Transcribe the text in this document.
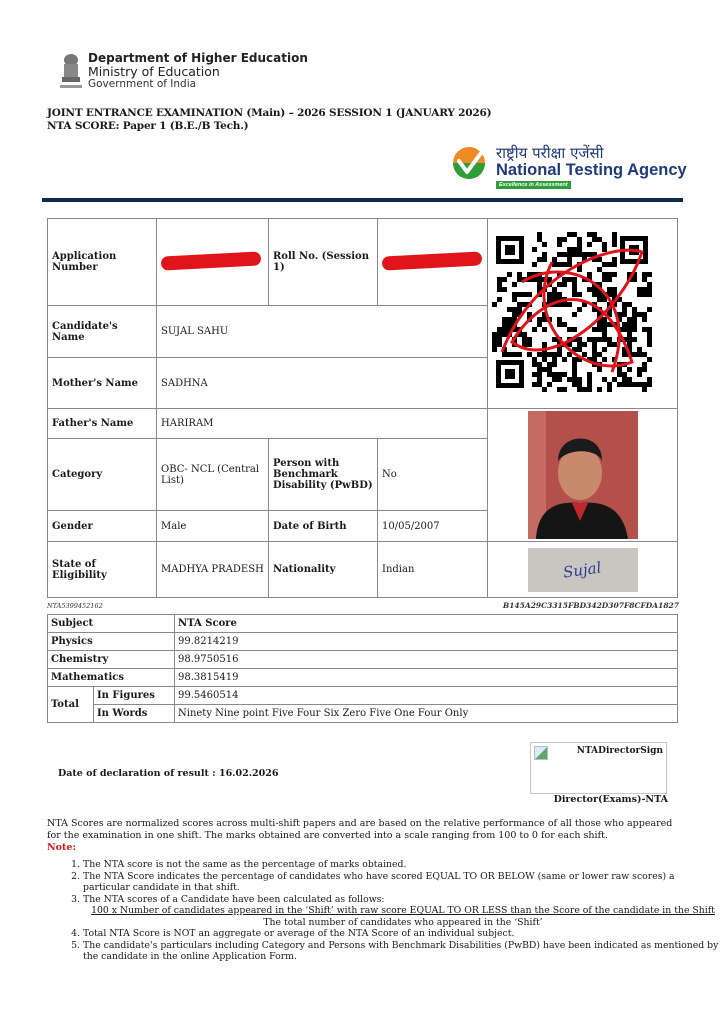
Department of Higher Education
Ministry of Education
Government of India
JOINT ENTRANCE EXAMINATION (Main) – 2026 SESSION 1 (JANUARY 2026)
NTA SCORE: Paper 1 (B.E./B Tech.)
राष्ट्रीय परीक्षा एजेंसी
National Testing Agency
Excellence in Assessment
Application Number		Roll No. (Session 1)		
Candidate's Name	SUJAL SAHU			
Mother's Name	SADHNA			
Father's Name	HARIRAM	

Category	OBC- NCL (Central List)	Person with Benchmark Disability (PwBD)	No	
Gender	Male	Date of Birth	10/05/2007	
State of Eligibility	MADHYA PRADESH	Nationality	Indian	Sujal
NTA5399452162	B145A29C3315FBD342D307F8CFDA1827
Subject		NTA Score
Physics		99.8214219
Chemistry		98.9750516
Mathematics		98.3815419
Total	In Figures	99.5460514
	In Words	Ninety Nine point Five Four Six Zero Five One Four Only
Date of declaration of result : 16.02.2026
NTADirectorSign
Director(Exams)-NTA
NTA Scores are normalized scores across multi-shift papers and are based on the relative performance of all those who appeared for the examination in one shift. The marks obtained are converted into a scale ranging from 100 to 0 for each shift.
Note:
1. The NTA score is not the same as the percentage of marks obtained.
2. The NTA Score indicates the percentage of candidates who have scored EQUAL TO OR BELOW (same or lower raw scores) a particular candidate in that shift.
3. The NTA scores of a Candidate have been calculated as follows:
100 x Number of candidates appeared in the ‘Shift’ with raw score EQUAL TO OR LESS than the Score of the candidate in the Shift
The total number of candidates who appeared in the ‘Shift’
4. Total NTA Score is NOT an aggregate or average of the NTA Score of an individual subject.
5. The candidate's particulars including Category and Persons with Benchmark Disabilities (PwBD) have been indicated as mentioned by the candidate in the online Application Form.
